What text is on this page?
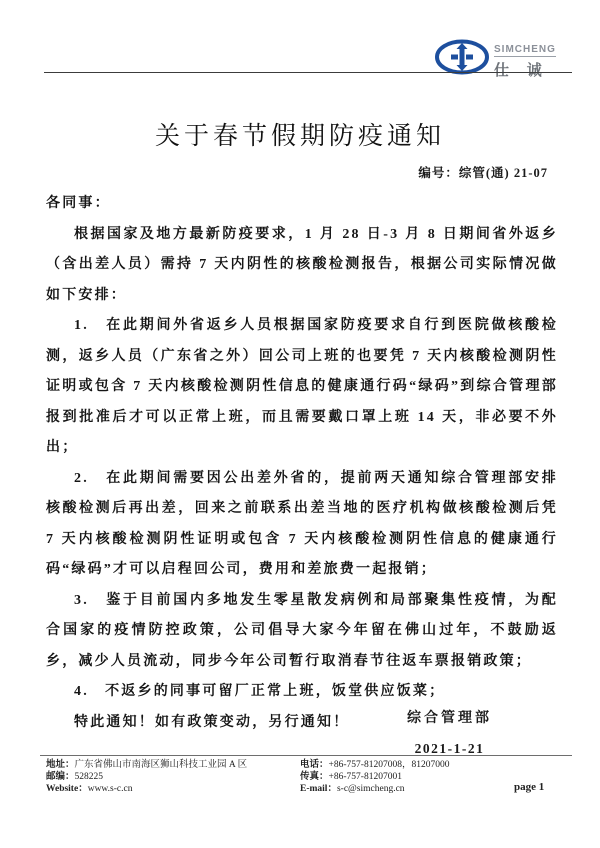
SIMCHENG
仕 诚
关于春节假期防疫通知
编号：综管(通) 21-07

各同事：

根据国家及地方最新防疫要求，1 月 28 日-3 月 8 日期间省外返乡（含出差人员）需持 7 天内阴性的核酸检测报告，根据公司实际情况做如下安排：

1.　在此期间外省返乡人员根据国家防疫要求自行到医院做核酸检测，返乡人员（广东省之外）回公司上班的也要凭 7 天内核酸检测阴性证明或包含 7 天内核酸检测阴性信息的健康通行码“绿码”到综合管理部报到批准后才可以正常上班，而且需要戴口罩上班 14 天，非必要不外出；

2.　在此期间需要因公出差外省的，提前两天通知综合管理部安排核酸检测后再出差，回来之前联系出差当地的医疗机构做核酸检测后凭 7 天内核酸检测阴性证明或包含 7 天内核酸检测阴性信息的健康通行码“绿码”才可以启程回公司，费用和差旅费一起报销；

3.　鉴于目前国内多地发生零星散发病例和局部聚集性疫情，为配合国家的疫情防控政策，公司倡导大家今年留在佛山过年，不鼓励返乡，减少人员流动，同步今年公司暂行取消春节往返车票报销政策；

4.　不返乡的同事可留厂正常上班，饭堂供应饭菜；

特此通知！如有政策变动，另行通知！	综合管理部
2021-1-21
地址：广东省佛山市南海区狮山科技工业园 A 区
邮编：528225
Website：www.s-c.cn
电话：+86-757-81207008，81207000
传真：+86-757-81207001
E-mail：s-c@simcheng.cn	page 1
